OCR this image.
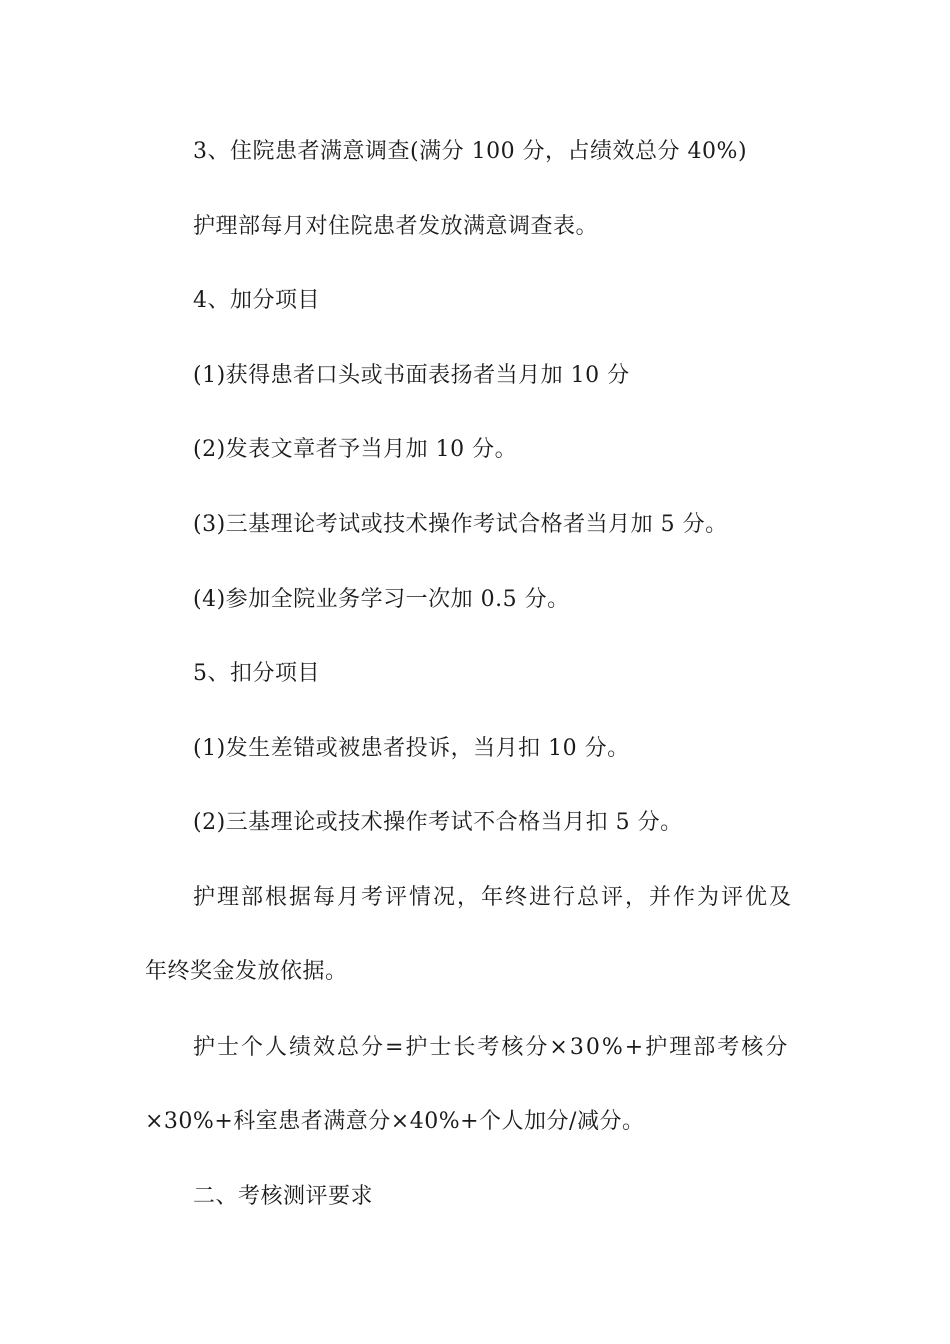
3、住院患者满意调查(满分 100 分，占绩效总分 40%)
护理部每月对住院患者发放满意调查表。
4、加分项目
(1)获得患者口头或书面表扬者当月加 10 分
(2)发表文章者予当月加 10 分。
(3)三基理论考试或技术操作考试合格者当月加 5 分。
(4)参加全院业务学习一次加 0.5 分。
5、扣分项目
(1)发生差错或被患者投诉，当月扣 10 分。
(2)三基理论或技术操作考试不合格当月扣 5 分。
护理部根据每月考评情况，年终进行总评，并作为评优及
年终奖金发放依据。
护士个人绩效总分=护士长考核分×30%+护理部考核分
×30%+科室患者满意分×40%+个人加分/减分。
二、考核测评要求
